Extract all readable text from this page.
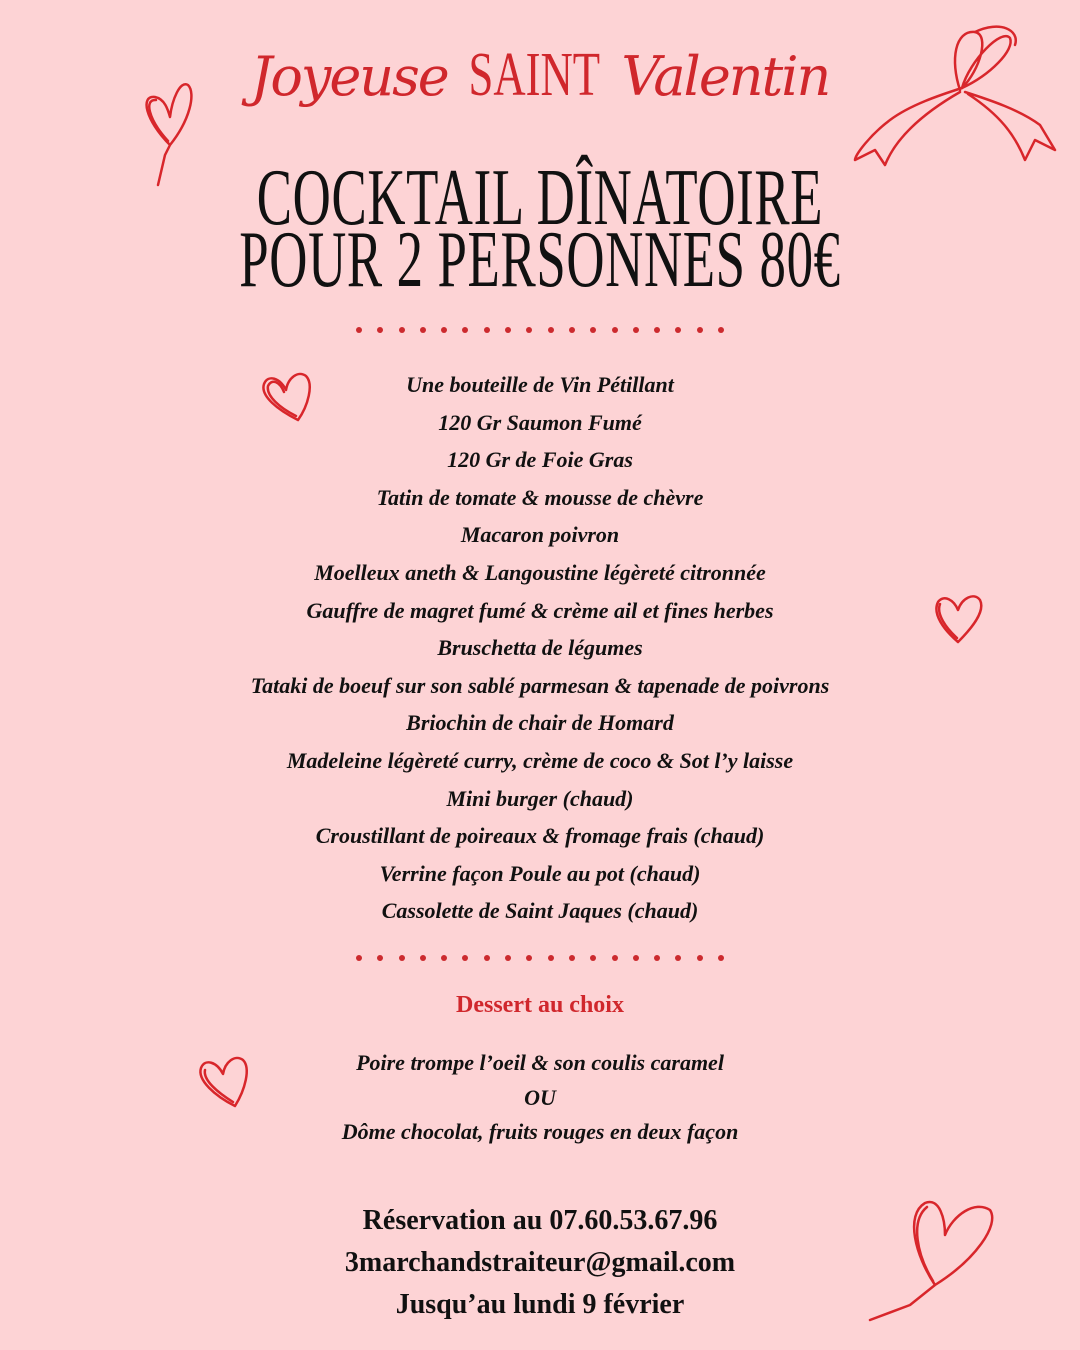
Joyeuse SAINT Valentin
COCKTAIL DÎNATOIRE
POUR 2 PERSONNES 80€
Une bouteille de Vin Pétillant
120 Gr Saumon Fumé
120 Gr de Foie Gras
Tatin de tomate & mousse de chèvre
Macaron poivron
Moelleux aneth & Langoustine légèreté citronnée
Gauffre de magret fumé & crème ail et fines herbes
Bruschetta de légumes
Tataki de boeuf sur son sablé parmesan & tapenade de poivrons
Briochin de chair de Homard
Madeleine légèreté curry, crème de coco & Sot l’y laisse
Mini burger (chaud)
Croustillant de poireaux & fromage frais (chaud)
Verrine façon Poule au pot (chaud)
Cassolette de Saint Jaques (chaud)
Dessert au choix
Poire trompe l’oeil & son coulis caramel
OU
Dôme chocolat, fruits rouges en deux façon
Réservation au 07.60.53.67.96
3marchandstraiteur@gmail.com
Jusqu’au lundi 9 février
